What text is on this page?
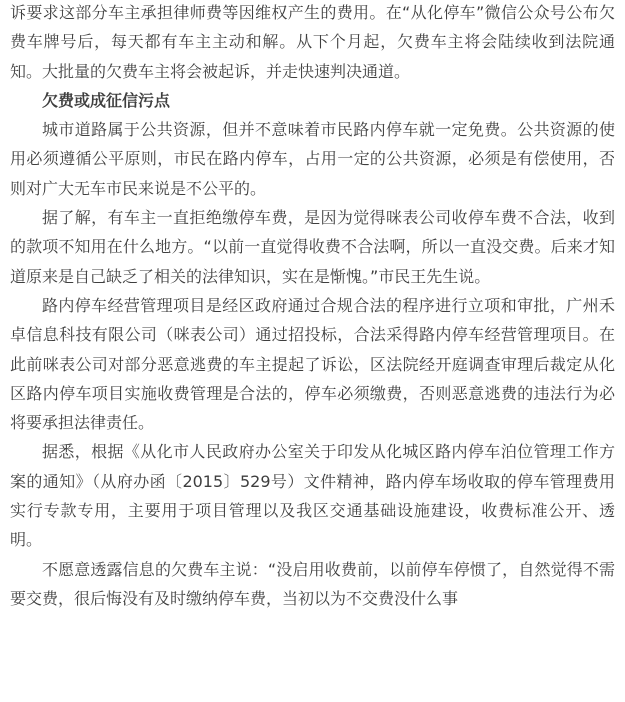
诉要求这部分车主承担律师费等因维权产生的费用。在“从化停车”微信公众号公布欠费车牌号后，每天都有车主主动和解。从下个月起，欠费车主将会陆续收到法院通知。大批量的欠费车主将会被起诉，并走快速判决通道。

欠费或成征信污点

城市道路属于公共资源，但并不意味着市民路内停车就一定免费。公共资源的使用必须遵循公平原则，市民在路内停车，占用一定的公共资源，必须是有偿使用，否则对广大无车市民来说是不公平的。

据了解，有车主一直拒绝缴停车费，是因为觉得咪表公司收停车费不合法，收到的款项不知用在什么地方。“以前一直觉得收费不合法啊，所以一直没交费。后来才知道原来是自己缺乏了相关的法律知识，实在是惭愧。”市民王先生说。

路内停车经营管理项目是经区政府通过合规合法的程序进行立项和审批，广州禾卓信息科技有限公司（咪表公司）通过招投标，合法采得路内停车经营管理项目。在此前咪表公司对部分恶意逃费的车主提起了诉讼，区法院经开庭调查审理后裁定从化区路内停车项目实施收费管理是合法的，停车必须缴费，否则恶意逃费的违法行为必将要承担法律责任。

据悉，根据《从化市人民政府办公室关于印发从化城区路内停车泊位管理工作方案的通知》（从府办函〔2015〕529号）文件精神，路内停车场收取的停车管理费用实行专款专用，主要用于项目管理以及我区交通基础设施建设，收费标准公开、透明。

不愿意透露信息的欠费车主说：“没启用收费前，以前停车停惯了，自然觉得不需要交费，很后悔没有及时缴纳停车费，当初以为不交费没什么事
